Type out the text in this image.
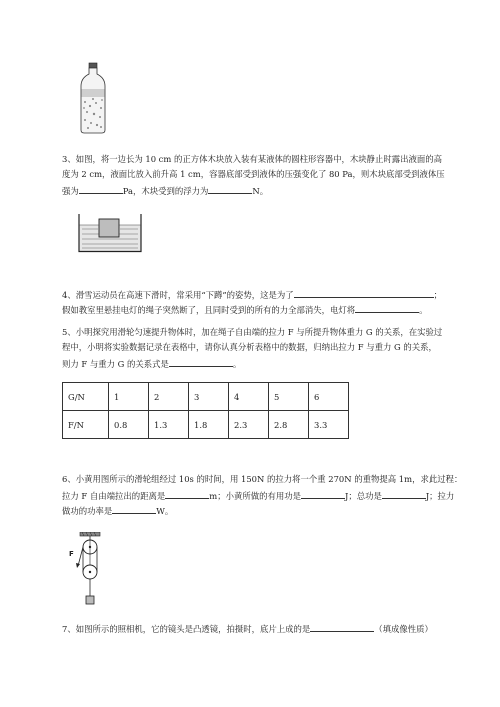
3、如图，将一边长为 10 cm 的正方体木块放入装有某液体的圆柱形容器中，木块静止时露出液面的高
度为 2 cm，液面比放入前升高 1 cm，容器底部受到液体的压强变化了 80 Pa，则木块底部受到液体压
强为	Pa，木块受到的浮力为	N。
4、滑雪运动员在高速下滑时，常采用“下蹲”的姿势，这是为了	；
假如教室里悬挂电灯的绳子突然断了，且同时受到的所有的力全部消失，电灯将	。
5、小明探究用滑轮匀速提升物体时，加在绳子自由端的拉力 F 与所提升物体重力 G 的关系，在实验过
程中，小明将实验数据记录在表格中，请你认真分析表格中的数据，归纳出拉力 F 与重力 G 的关系，
则力 F 与重力 G 的关系式是	。
G/N	1	2	3	4	5	6
F/N	0.8	1.3	1.8	2.3	2.8	3.3
6、小黄用图所示的滑轮组经过 10s 的时间，用 150N 的拉力将一个重 270N 的重物提高 1m，求此过程：
拉力 F 自由端拉出的距离是	m；小黄所做的有用功是	J；总功是	J；拉力
做功的功率是	W。
F
7、如图所示的照相机，它的镜头是凸透镜，拍摄时，底片上成的是	（填成像性质）
